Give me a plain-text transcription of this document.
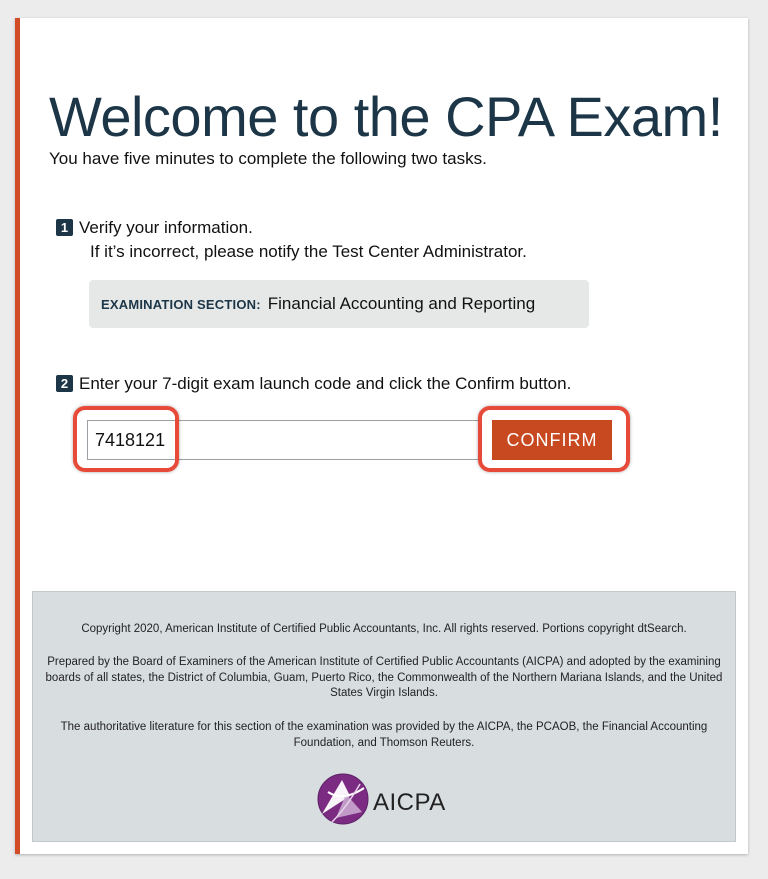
Welcome to the CPA Exam!
You have five minutes to complete the following two tasks.
1 Verify your information.
If it’s incorrect, please notify the Test Center Administrator.
EXAMINATION SECTION: Financial Accounting and Reporting
2 Enter your 7-digit exam launch code and click the Confirm button.
7418121
CONFIRM

Copyright 2020, American Institute of Certified Public Accountants, Inc. All rights reserved. Portions copyright dtSearch.

Prepared by the Board of Examiners of the American Institute of Certified Public Accountants (AICPA) and adopted by the examining boards of all states, the District of Columbia, Guam, Puerto Rico, the Commonwealth of the Northern Mariana Islands, and the United States Virgin Islands.

The authoritative literature for this section of the examination was provided by the AICPA, the PCAOB, the Financial Accounting Foundation, and Thomson Reuters.

AICPA
